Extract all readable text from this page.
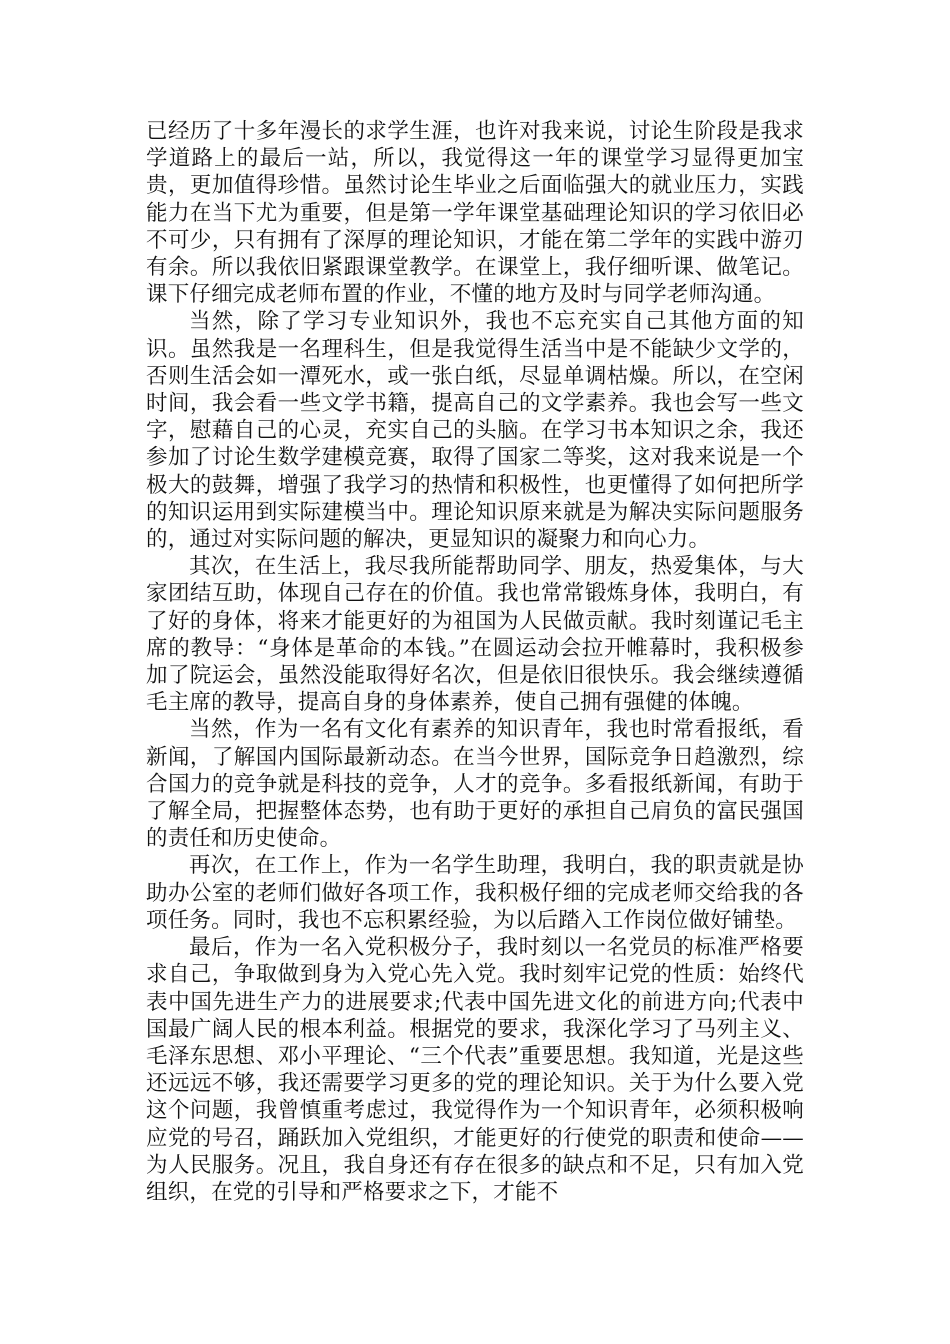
已经历了十多年漫长的求学生涯，也许对我来说，讨论生阶段是我求学道路上的最后一站，所以，我觉得这一年的课堂学习显得更加宝贵，更加值得珍惜。虽然讨论生毕业之后面临强大的就业压力，实践能力在当下尤为重要，但是第一学年课堂基础理论知识的学习依旧必不可少，只有拥有了深厚的理论知识，才能在第二学年的实践中游刃有余。所以我依旧紧跟课堂教学。在课堂上，我仔细听课、做笔记。课下仔细完成老师布置的作业，不懂的地方及时与同学老师沟通。

当然，除了学习专业知识外，我也不忘充实自己其他方面的知识。虽然我是一名理科生，但是我觉得生活当中是不能缺少文学的，否则生活会如一潭死水，或一张白纸，尽显单调枯燥。所以，在空闲时间，我会看一些文学书籍，提高自己的文学素养。我也会写一些文字，慰藉自己的心灵，充实自己的头脑。在学习书本知识之余，我还参加了讨论生数学建模竞赛，取得了国家二等奖，这对我来说是一个极大的鼓舞，增强了我学习的热情和积极性，也更懂得了如何把所学的知识运用到实际建模当中。理论知识原来就是为解决实际问题服务的，通过对实际问题的解决，更显知识的凝聚力和向心力。

其次，在生活上，我尽我所能帮助同学、朋友，热爱集体，与大家团结互助，体现自己存在的价值。我也常常锻炼身体，我明白，有了好的身体，将来才能更好的为祖国为人民做贡献。我时刻谨记毛主席的教导：“身体是革命的本钱。”在圆运动会拉开帷幕时，我积极参加了院运会，虽然没能取得好名次，但是依旧很快乐。我会继续遵循毛主席的教导，提高自身的身体素养，使自己拥有强健的体魄。

当然，作为一名有文化有素养的知识青年，我也时常看报纸，看新闻，了解国内国际最新动态。在当今世界，国际竞争日趋激烈，综合国力的竞争就是科技的竞争，人才的竞争。多看报纸新闻，有助于了解全局，把握整体态势，也有助于更好的承担自己肩负的富民强国的责任和历史使命。

再次，在工作上，作为一名学生助理，我明白，我的职责就是协助办公室的老师们做好各项工作，我积极仔细的完成老师交给我的各项任务。同时，我也不忘积累经验，为以后踏入工作岗位做好铺垫。

最后，作为一名入党积极分子，我时刻以一名党员的标准严格要求自己，争取做到身为入党心先入党。我时刻牢记党的性质：始终代表中国先进生产力的进展要求;代表中国先进文化的前进方向;代表中国最广阔人民的根本利益。根据党的要求，我深化学习了马列主义、毛泽东思想、邓小平理论、“三个代表”重要思想。我知道，光是这些还远远不够，我还需要学习更多的党的理论知识。关于为什么要入党这个问题，我曾慎重考虑过，我觉得作为一个知识青年，必须积极响应党的号召，踊跃加入党组织，才能更好的行使党的职责和使命——为人民服务。况且，我自身还有存在很多的缺点和不足，只有加入党组织，在党的引导和严格要求之下，才能不
